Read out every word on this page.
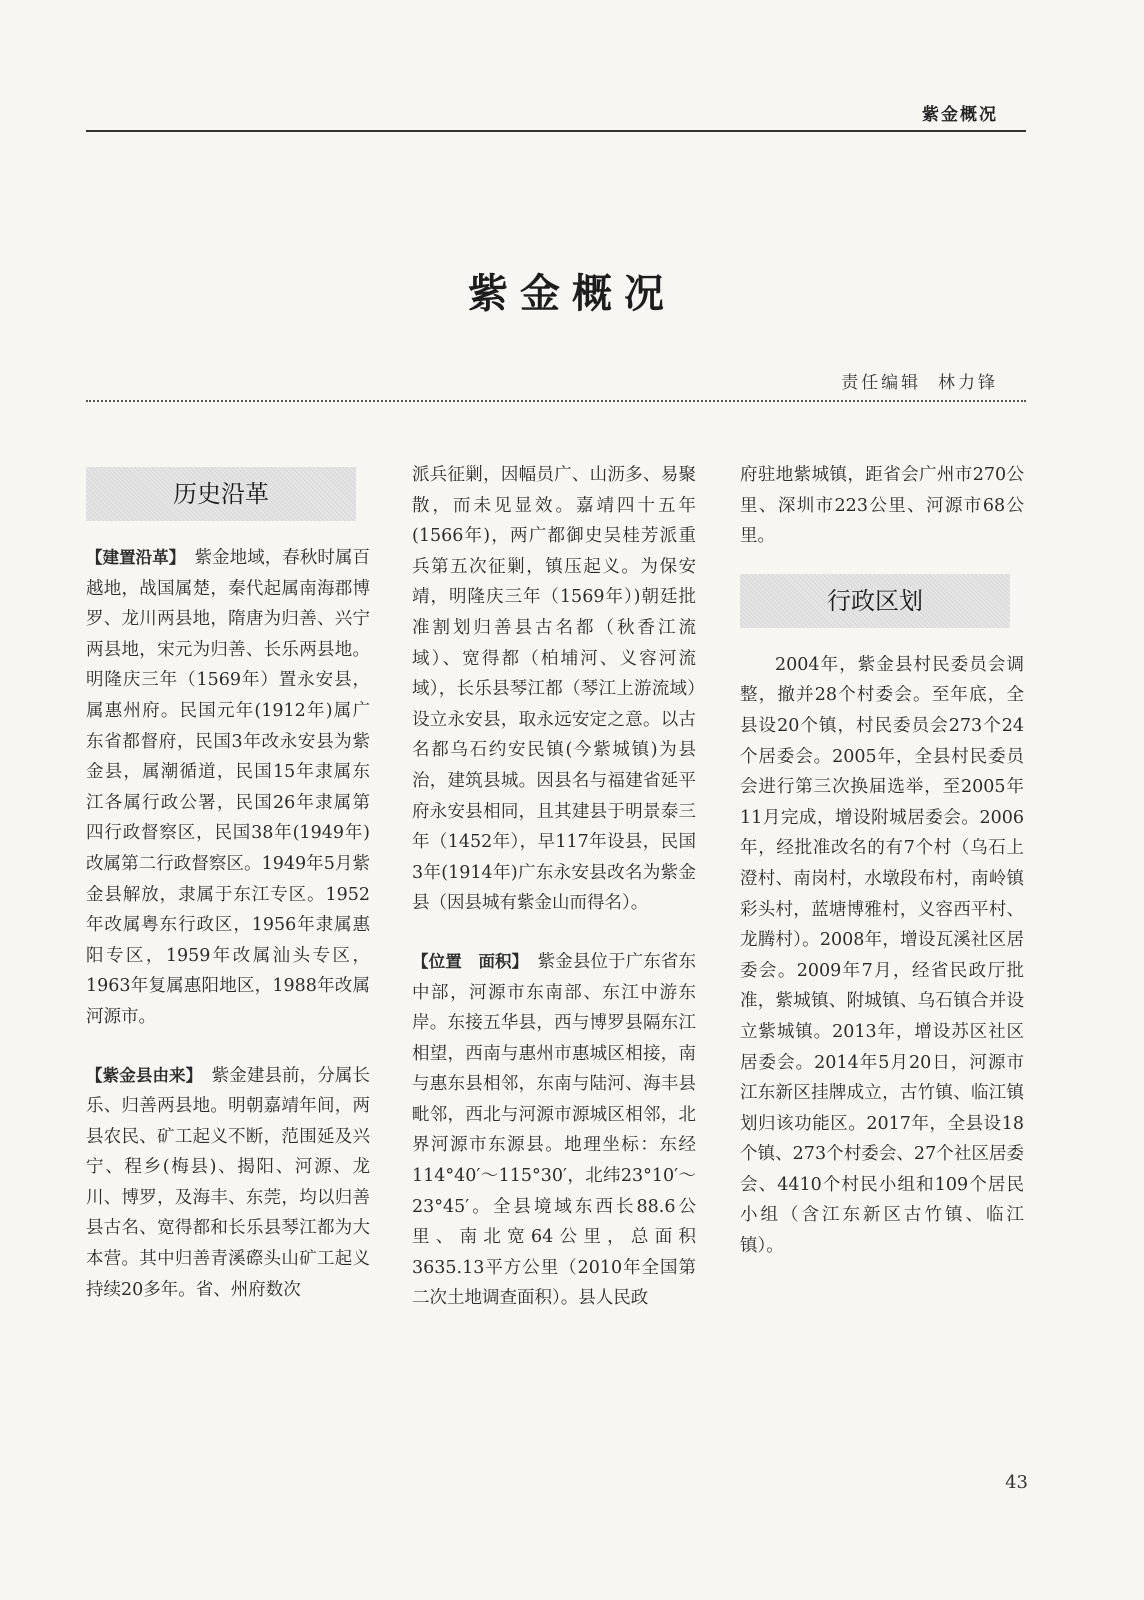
紫金概况
紫金概况
责任编辑 林力锋
历史沿革

【建置沿革】　 紫金地域，春秋时属百越地，战国属楚，秦代起属南海郡博罗、龙川两县地，隋唐为归善、兴宁两县地，宋元为归善、长乐两县地。明隆庆三年（1569年）置永安县，属惠州府。民国元年(1912年)属广东省都督府，民国3年改永安县为紫金县，属潮循道，民国15年隶属东江各属行政公署，民国26年隶属第四行政督察区，民国38年(1949年)改属第二行政督察区。1949年5月紫金县解放，隶属于东江专区。1952年改属粤东行政区，1956年隶属惠阳专区，1959年改属汕头专区，1963年复属惠阳地区，1988年改属河源市。

【紫金县由来】　 紫金建县前，分属长乐、归善两县地。明朝嘉靖年间，两县农民、矿工起义不断，范围延及兴宁、程乡(梅县)、揭阳、河源、龙川、博罗，及海丰、东莞，均以归善县古名、宽得都和长乐县琴江都为大本营。其中归善青溪磜头山矿工起义持续20多年。省、州府数次

派兵征剿，因幅员广、山沥多、易聚散，而未见显效。嘉靖四十五年(1566年)，两广都御史吴桂芳派重兵第五次征剿，镇压起义。为保安靖，明隆庆三年（1569年）)朝廷批准割划归善县古名都（秋香江流域）、宽得都（柏埔河、义容河流域），长乐县琴江都（琴江上游流域）设立永安县，取永远安定之意。以古名都乌石约安民镇(今紫城镇)为县治，建筑县城。因县名与福建省延平府永安县相同，且其建县于明景泰三年（1452年），早117年设县，民国3年(1914年)广东永安县改名为紫金县（因县城有紫金山而得名）。

【位置　面积】　 紫金县位于广东省东中部，河源市东南部、东江中游东岸。东接五华县，西与博罗县隔东江相望，西南与惠州市惠城区相接，南与惠东县相邻，东南与陆河、海丰县毗邻，西北与河源市源城区相邻，北界河源市东源县。地理坐标：东经114°40′～115°30′，北纬23°10′～23°45′。全县境域东西长88.6公里、南北宽64公里，总面积3635.13平方公里（2010年全国第二次土地调查面积）。县人民政

府驻地紫城镇，距省会广州市270公里、深圳市223公里、河源市68公里。

行政区划

2004年，紫金县村民委员会调整，撤并28个村委会。至年底，全县设20个镇，村民委员会273个24个居委会。2005年，全县村民委员会进行第三次换届选举，至2005年11月完成，增设附城居委会。2006年，经批准改名的有7个村（乌石上澄村、南岗村，水墩段布村，南岭镇彩头村，蓝塘博雅村，义容西平村、龙腾村）。2008年，增设瓦溪社区居委会。2009年7月，经省民政厅批准，紫城镇、附城镇、乌石镇合并设立紫城镇。2013年，增设苏区社区居委会。2014年5月20日，河源市江东新区挂牌成立，古竹镇、临江镇划归该功能区。2017年，全县设18个镇、273个村委会、27个社区居委会、4410个村民小组和109个居民小组（含江东新区古竹镇、临江镇）。

43
